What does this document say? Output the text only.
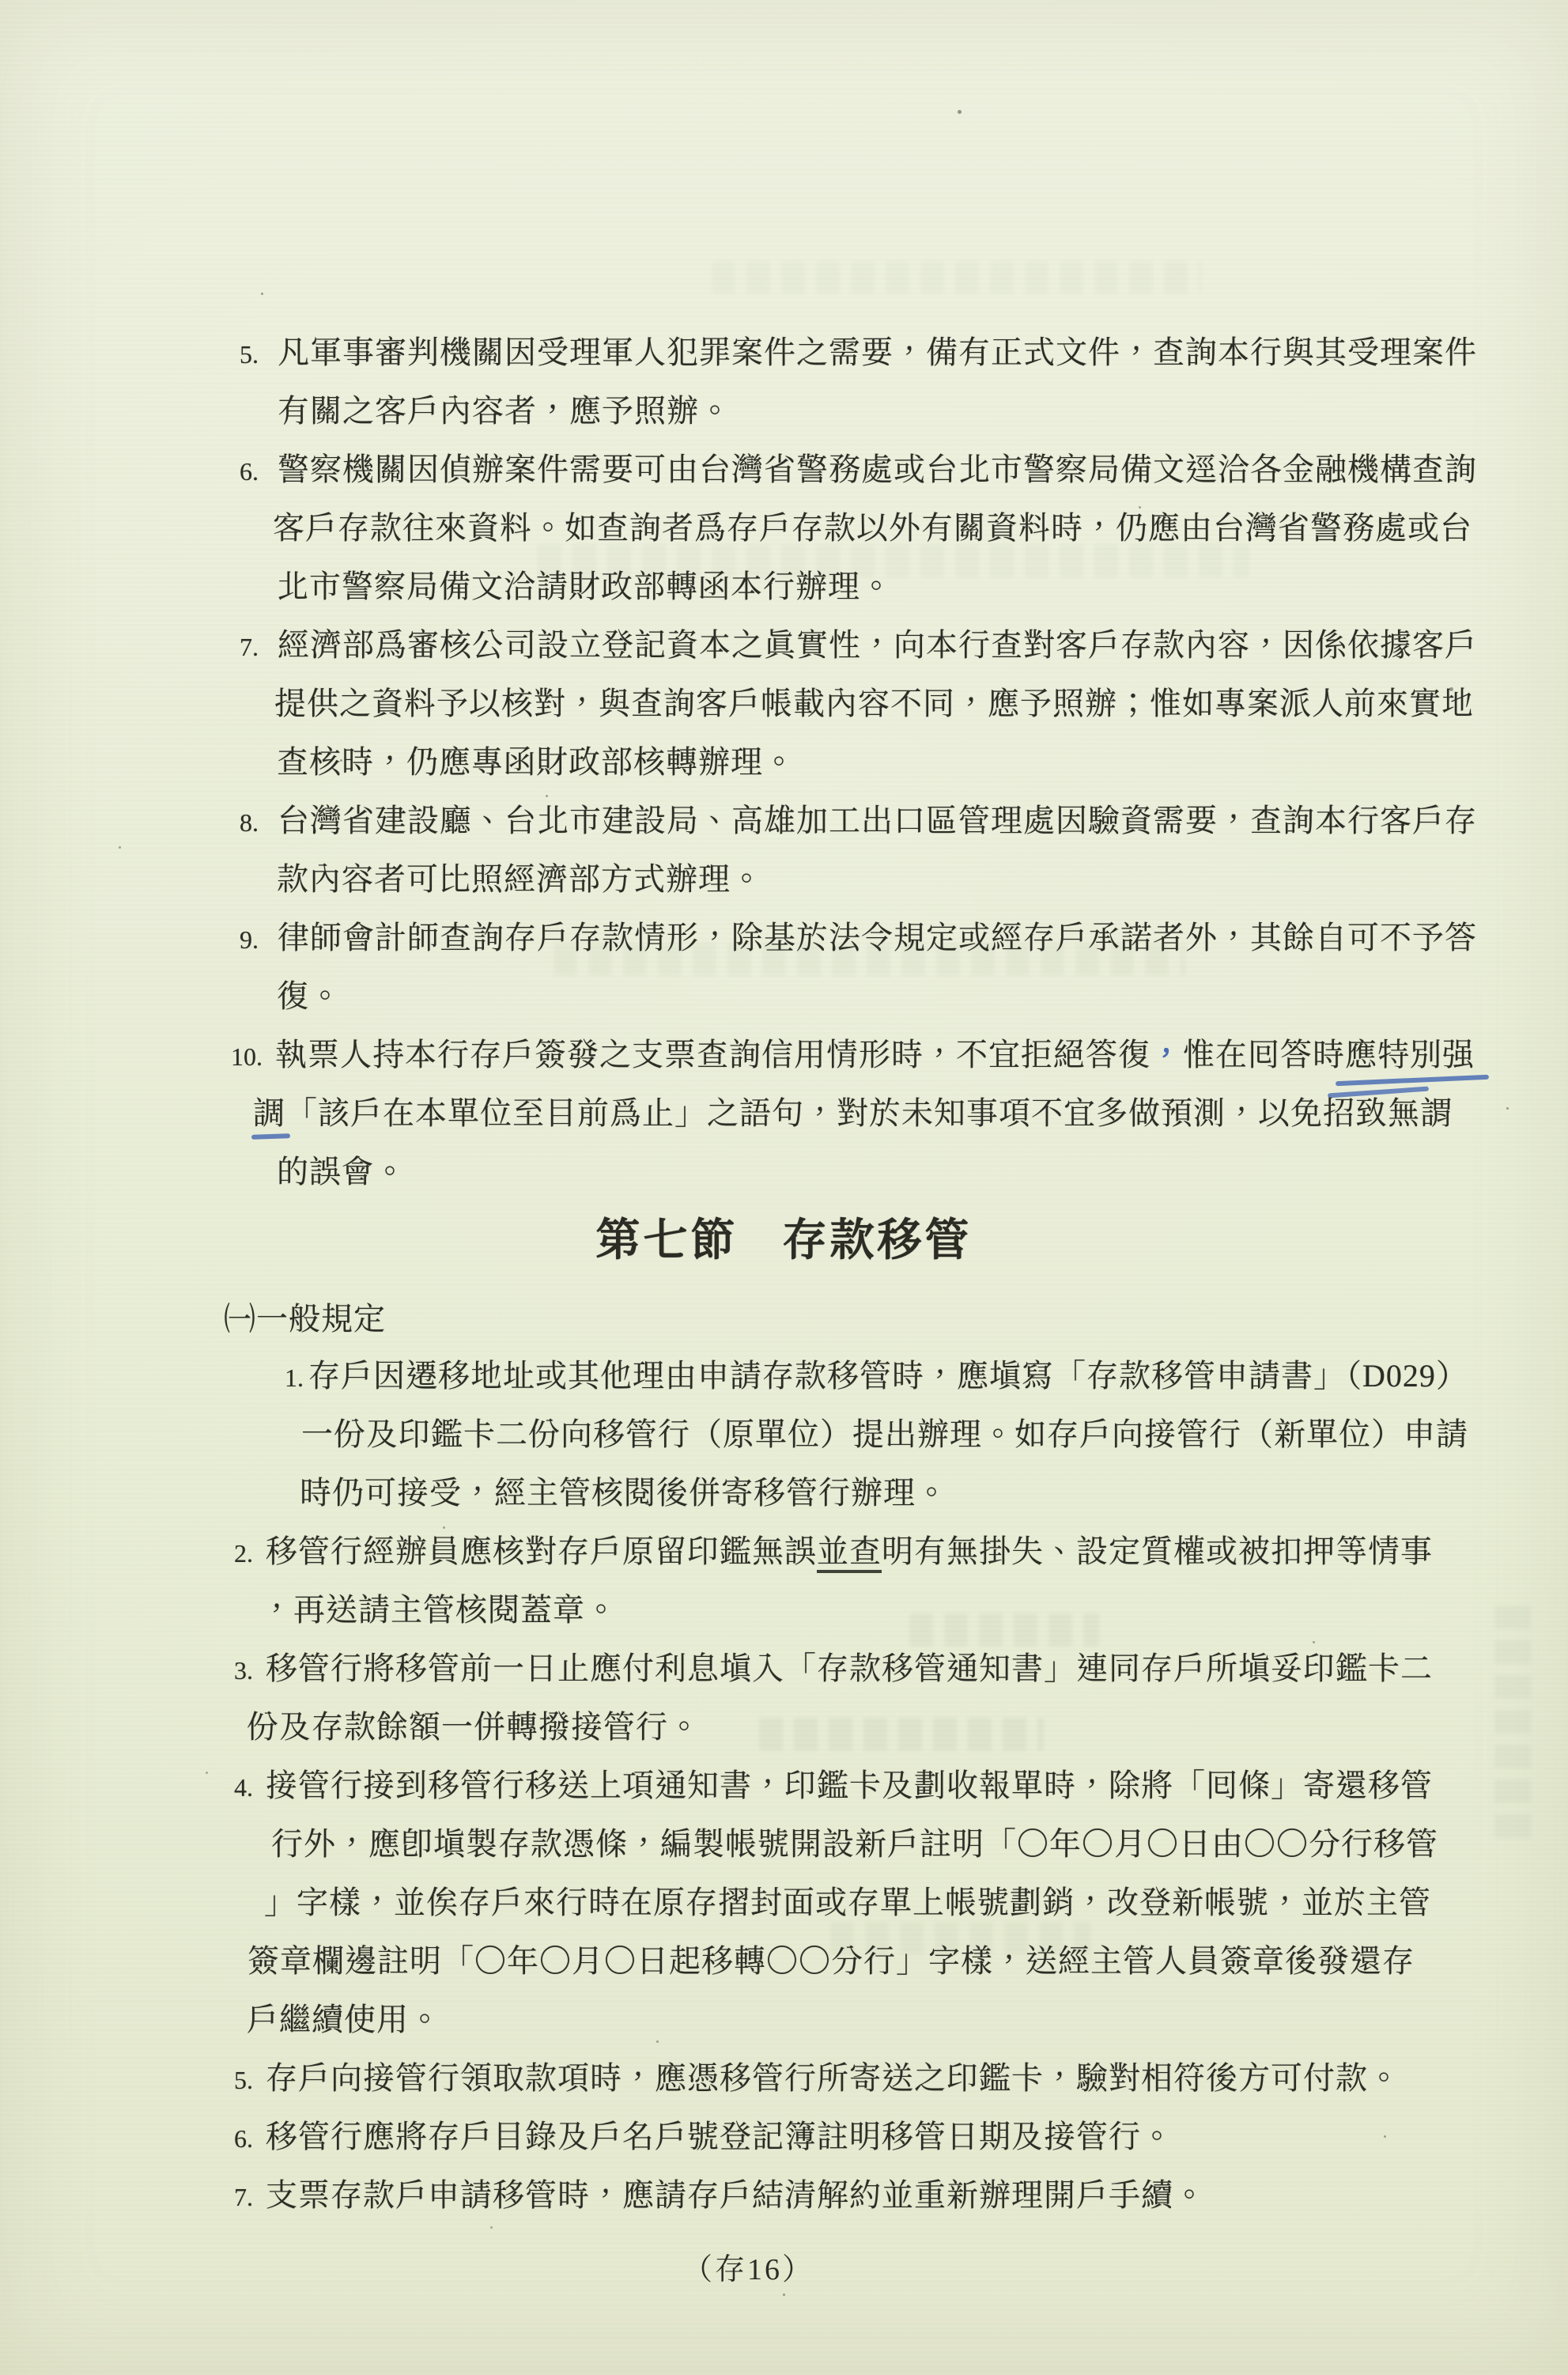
5. 凡軍事審判機關因受理軍人犯罪案件之需要，備有正式文件，查詢本行與其受理案件
有關之客戶內容者，應予照辦。
6. 警察機關因偵辦案件需要可由台灣省警務處或台北市警察局備文逕洽各金融機構查詢
客戶存款往來資料。如查詢者爲存戶存款以外有關資料時，仍應由台灣省警務處或台
北市警察局備文洽請財政部轉函本行辦理。
7. 經濟部爲審核公司設立登記資本之眞實性，向本行查對客戶存款內容，因係依據客戶
提供之資料予以核對，與查詢客戶帳載內容不同，應予照辦；惟如專案派人前來實地
查核時，仍應專函財政部核轉辦理。
8. 台灣省建設廳、台北市建設局、高雄加工出口區管理處因驗資需要，查詢本行客戶存
款內容者可比照經濟部方式辦理。
9. 律師會計師查詢存戶存款情形，除基於法令規定或經存戶承諾者外，其餘自可不予答
復。
10. 執票人持本行存戶簽發之支票查詢信用情形時，不宜拒絕答復，惟在囘答時應特別强
調「該戶在本單位至目前爲止」之語句，對於未知事項不宜多做預測，以免招致無謂
的誤會。
第七節 存款移管
㈠一般規定
1. 存戶因遷移地址或其他理由申請存款移管時，應塡寫「存款移管申請書」（D029）
一份及印鑑卡二份向移管行（原單位）提出辦理。如存戶向接管行（新單位）申請
時仍可接受，經主管核閱後併寄移管行辦理。
2. 移管行經辦員應核對存戶原留印鑑無誤並查明有無掛失、設定質權或被扣押等情事
，再送請主管核閱蓋章。
3. 移管行將移管前一日止應付利息塡入「存款移管通知書」連同存戶所塡妥印鑑卡二
份及存款餘額一併轉撥接管行。
4. 接管行接到移管行移送上項通知書，印鑑卡及劃收報單時，除將「囘條」寄還移管
行外，應卽塡製存款憑條，編製帳號開設新戶註明「〇年〇月〇日由〇〇分行移管
」字樣，並俟存戶來行時在原存摺封面或存單上帳號劃銷，改登新帳號，並於主管
簽章欄邊註明「〇年〇月〇日起移轉〇〇分行」字樣，送經主管人員簽章後發還存
戶繼續使用。
5. 存戶向接管行領取款項時，應憑移管行所寄送之印鑑卡，驗對相符後方可付款。
6. 移管行應將存戶目錄及戶名戶號登記簿註明移管日期及接管行。
7. 支票存款戶申請移管時，應請存戶結清解約並重新辦理開戶手續。
（存16）
